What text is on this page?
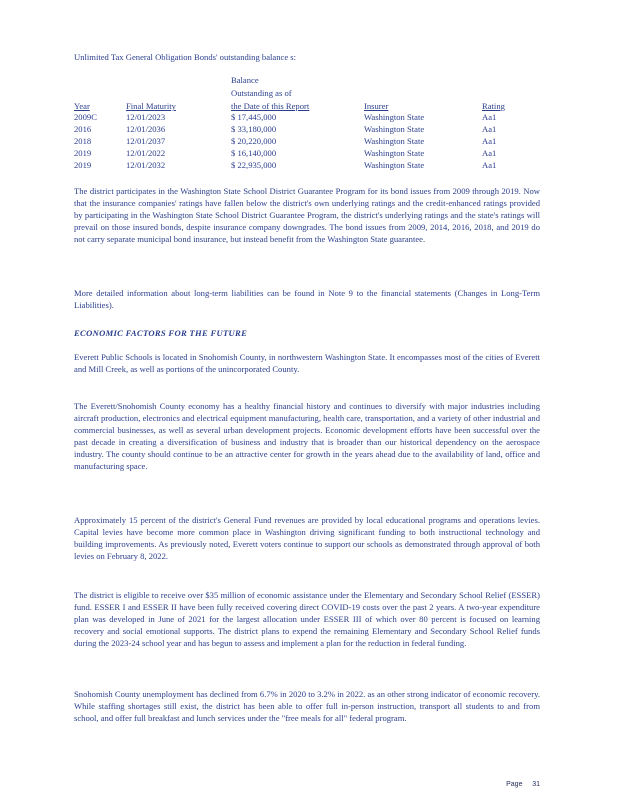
Unlimited Tax General Obligation Bonds' outstanding balance s:
Balance
Outstanding as of
Year	Final Maturity	the Date of this Report	Insurer	Rating
2009C	12/01/2023	$ 17,445,000	Washington State	Aa1
2016	12/01/2036	$ 33,180,000	Washington State	Aa1
2018	12/01/2037	$ 20,220,000	Washington State	Aa1
2019	12/01/2022	$ 16,140,000	Washington State	Aa1
2019	12/01/2032	$ 22,935,000	Washington State	Aa1

The district participates in the Washington State School District Guarantee Program for its bond issues from 2009 through 2019. Now that the insurance companies' ratings have fallen below the district's own underlying ratings and the credit-enhanced ratings provided by participating in the Washington State School District Guarantee Program, the district's underlying ratings and the state's ratings will prevail on those insured bonds, despite insurance company downgrades. The bond issues from 2009, 2014, 2016, 2018, and 2019 do not carry separate municipal bond insurance, but instead benefit from the Washington State guarantee.

More detailed information about long-term liabilities can be found in Note 9 to the financial statements (Changes in Long-Term Liabilities).

ECONOMIC FACTORS FOR THE FUTURE

Everett Public Schools is located in Snohomish County, in northwestern Washington State. It encompasses most of the cities of Everett and Mill Creek, as well as portions of the unincorporated County.

The Everett/Snohomish County economy has a healthy financial history and continues to diversify with major industries including aircraft production, electronics and electrical equipment manufacturing, health care, transportation, and a variety of other industrial and commercial businesses, as well as several urban development projects. Economic development efforts have been successful over the past decade in creating a diversification of business and industry that is broader than our historical dependency on the aerospace industry. The county should continue to be an attractive center for growth in the years ahead due to the availability of land, office and manufacturing space.

Approximately 15 percent of the district's General Fund revenues are provided by local educational programs and operations levies. Capital levies have become more common place in Washington driving significant funding to both instructional technology and building improvements. As previously noted, Everett voters continue to support our schools as demonstrated through approval of both levies on February 8, 2022.

The district is eligible to receive over $35 million of economic assistance under the Elementary and Secondary School Relief (ESSER) fund. ESSER I and ESSER II have been fully received covering direct COVID-19 costs over the past 2 years. A two-year expenditure plan was developed in June of 2021 for the largest allocation under ESSER III of which over 80 percent is focused on learning recovery and social emotional supports. The district plans to expend the remaining Elementary and Secondary School Relief funds during the 2023-24 school year and has begun to assess and implement a plan for the reduction in federal funding.

Snohomish County unemployment has declined from 6.7% in 2020 to 3.2% in 2022. as an other strong indicator of economic recovery. While staffing shortages still exist, the district has been able to offer full in-person instruction, transport all students to and from school, and offer full breakfast and lunch services under the "free meals for all" federal program.

Page 31
